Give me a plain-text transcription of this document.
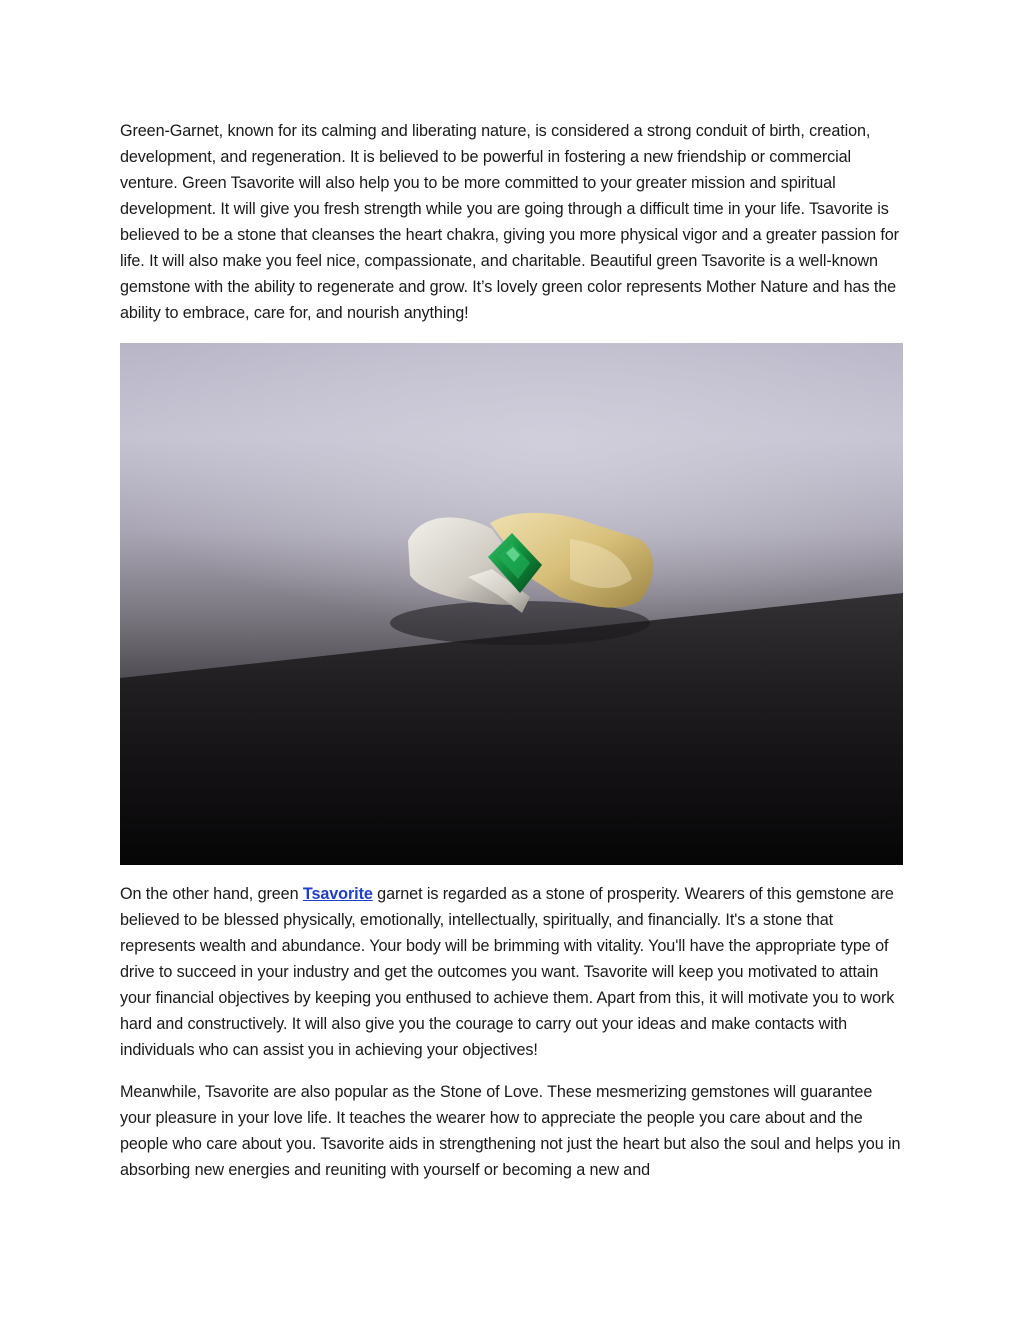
Green-Garnet, known for its calming and liberating nature, is considered a strong conduit of birth, creation, development, and regeneration. It is believed to be powerful in fostering a new friendship or commercial venture. Green Tsavorite will also help you to be more committed to your greater mission and spiritual development. It will give you fresh strength while you are going through a difficult time in your life. Tsavorite is believed to be a stone that cleanses the heart chakra, giving you more physical vigor and a greater passion for life. It will also make you feel nice, compassionate, and charitable. Beautiful green Tsavorite is a well-known gemstone with the ability to regenerate and grow. It’s lovely green color represents Mother Nature and has the ability to embrace, care for, and nourish anything!

On the other hand, green Tsavorite garnet is regarded as a stone of prosperity. Wearers of this gemstone are believed to be blessed physically, emotionally, intellectually, spiritually, and financially. It's a stone that represents wealth and abundance. Your body will be brimming with vitality. You'll have the appropriate type of drive to succeed in your industry and get the outcomes you want. Tsavorite will keep you motivated to attain your financial objectives by keeping you enthused to achieve them. Apart from this, it will motivate you to work hard and constructively. It will also give you the courage to carry out your ideas and make contacts with individuals who can assist you in achieving your objectives!

Meanwhile, Tsavorite are also popular as the Stone of Love. These mesmerizing gemstones will guarantee your pleasure in your love life. It teaches the wearer how to appreciate the people you care about and the people who care about you. Tsavorite aids in strengthening not just the heart but also the soul and helps you in absorbing new energies and reuniting with yourself or becoming a new and
